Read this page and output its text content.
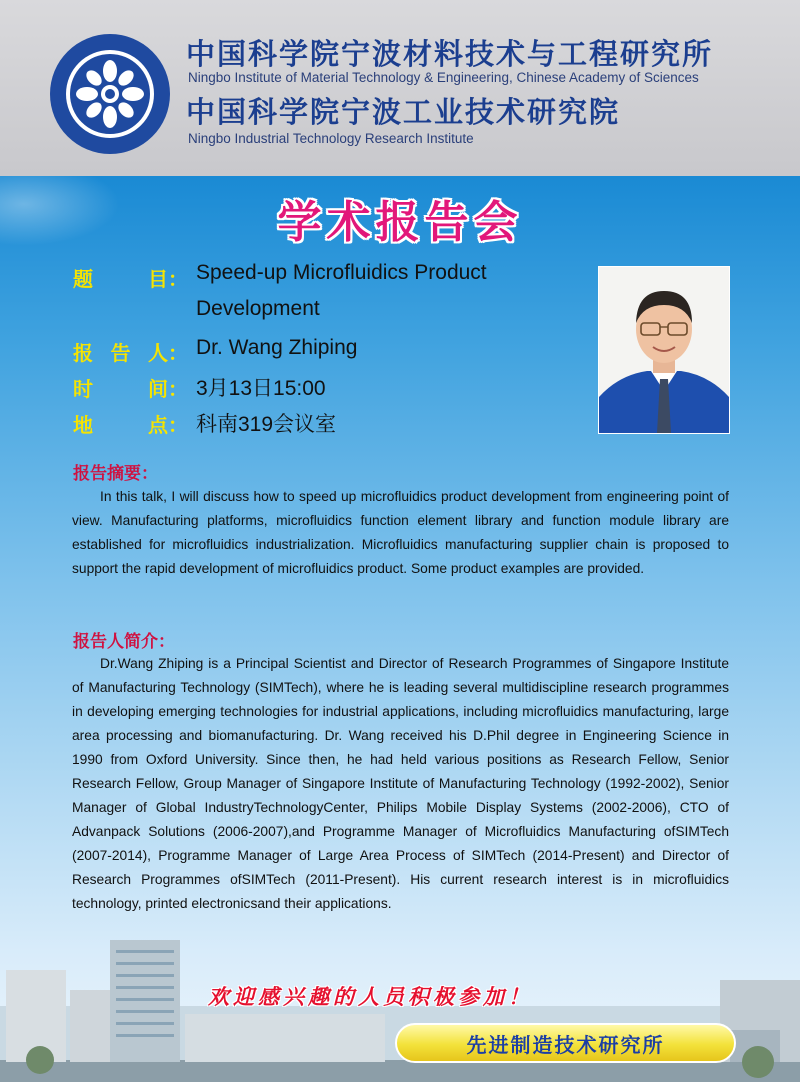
中国科学院宁波材料技术与工程研究所
Ningbo Institute of Material Technology & Engineering, Chinese Academy of Sciences
中国科学院宁波工业技术研究院
Ningbo Industrial Technology Research Institute
学术报告会
题	目： Speed-up Microfluidics Product
Development
报 告 人： Dr. Wang Zhiping
时	间： 3月13日15:00
地	点： 科南319会议室
报告摘要：

In this talk, I will discuss how to speed up microfluidics product development from engineering point of view. Manufacturing platforms, microfluidics function element library and function module library are established for microfluidics industrialization. Microfluidics manufacturing supplier chain is proposed to support the rapid development of microfluidics product. Some product examples are provided.

报告人简介：

Dr.Wang Zhiping is a Principal Scientist and Director of Research Programmes of Singapore Institute of Manufacturing Technology (SIMTech), where he is leading several multidiscipline research programmes in developing emerging technologies for industrial applications, including microfluidics manufacturing, large area processing and biomanufacturing. Dr. Wang received his D.Phil degree in Engineering Science in 1990 from Oxford University. Since then, he had held various positions as Research Fellow, Senior Research Fellow, Group Manager of Singapore Institute of Manufacturing Technology (1992-2002), Senior Manager of Global IndustryTechnologyCenter, Philips Mobile Display Systems (2002-2006), CTO of Advanpack Solutions (2006-2007),and Programme Manager of Microfluidics Manufacturing ofSIMTech (2007-2014), Programme Manager of Large Area Process of SIMTech (2014-Present) and Director of Research Programmes ofSIMTech (2011-Present). His current research interest is in microfluidics technology, printed electronicsand their applications.

欢迎感兴趣的人员积极参加！
先进制造技术研究所
